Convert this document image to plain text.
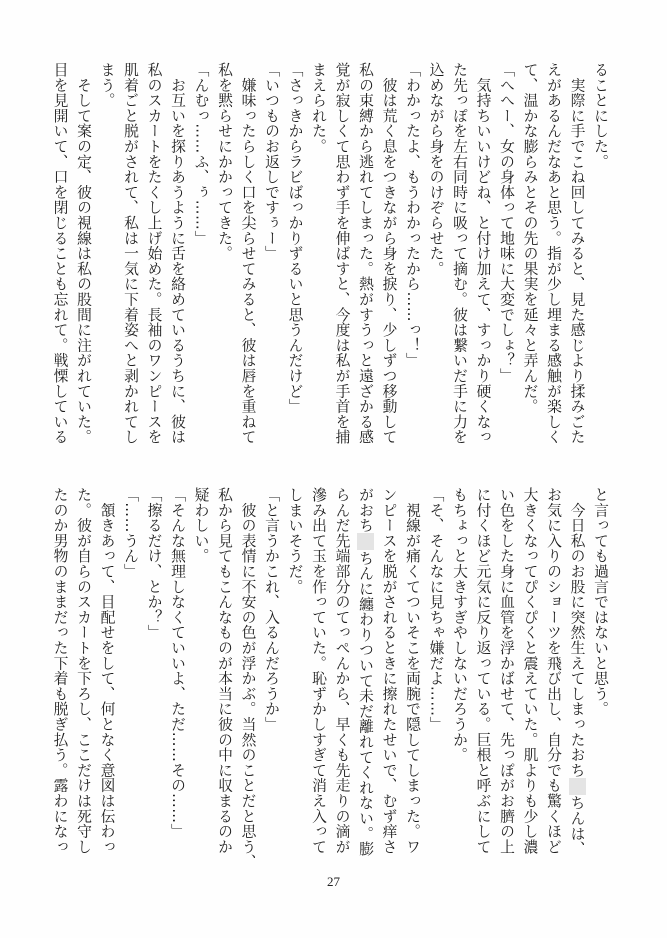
ることにした。
　実際に手でこね回してみると、見た感じより揉みごた
えがあるんだなあと思う。指が少し埋まる感触が楽しく
て、温かな膨らみとその先の果実を延々と弄んだ。
「へへー、女の身体って地味に大変でしょ？」
　気持ちいいけどね、と付け加えて、すっかり硬くなっ
た先っぽを左右同時に吸って摘む。彼は繋いだ手に力を
込めながら身をのけぞらせた。
「わかったよ、もうわかったから……っ！」
　彼は荒く息をつきながら身を捩り、少しずつ移動して
私の束縛から逃れてしまった。熱がすうっと遠ざかる感
覚が寂しくて思わず手を伸ばすと、今度は私が手首を捕
まえられた。
「さっきからラビばっかりずるいと思うんだけど」
「いつものお返しですぅー」
　嫌味ったらしく口を尖らせてみると、彼は唇を重ねて
私を黙らせにかかってきた。
「んむっ……ふ、ぅ……」
　お互いを探りあうように舌を絡めているうちに、彼は
私のスカートをたくし上げ始めた。長袖のワンピースを
肌着ごと脱がされて、私は一気に下着姿へと剥かれてし
まう。
　そして案の定、彼の視線は私の股間に注がれていた。
目を見開いて、口を閉じることも忘れて。戦慄している
と言っても過言ではないと思う。
　今日私のお股に突然生えてしまったおちちんは、
お気に入りのショーツを飛び出し、自分でも驚くほど
大きくなってぴくぴくと震えていた。肌よりも少し濃
い色をした身に血管を浮かばせて、先っぽがお臍の上
に付くほど元気に反り返っている。巨根と呼ぶにして
もちょっと大きすぎやしないだろうか。
「そ、そんなに見ちゃ嫌だよ……」
　視線が痛くてついそこを両腕で隠してしまった。ワ
ンピースを脱がされるときに擦れたせいで、むず痒さ
がおちちんに纏わりついて未だ離れてくれない。膨
らんだ先端部分のてっぺんから、早くも先走りの滴が
滲み出て玉を作っていた。恥ずかしすぎて消え入って
しまいそうだ。
「と言うかこれ、入るんだろうか」
　彼の表情に不安の色が浮かぶ。当然のことだと思う、
私から見てもこんなものが本当に彼の中に収まるのか
疑わしい。
「そんな無理しなくていいよ、ただ……その……」
「擦るだけ、とか？」
「……うん」
　頷きあって、目配せをして、何となく意図は伝わっ
た。彼が自らのスカートを下ろし、ここだけは死守し
たのか男物のままだった下着も脱ぎ払う。露わになっ
27
